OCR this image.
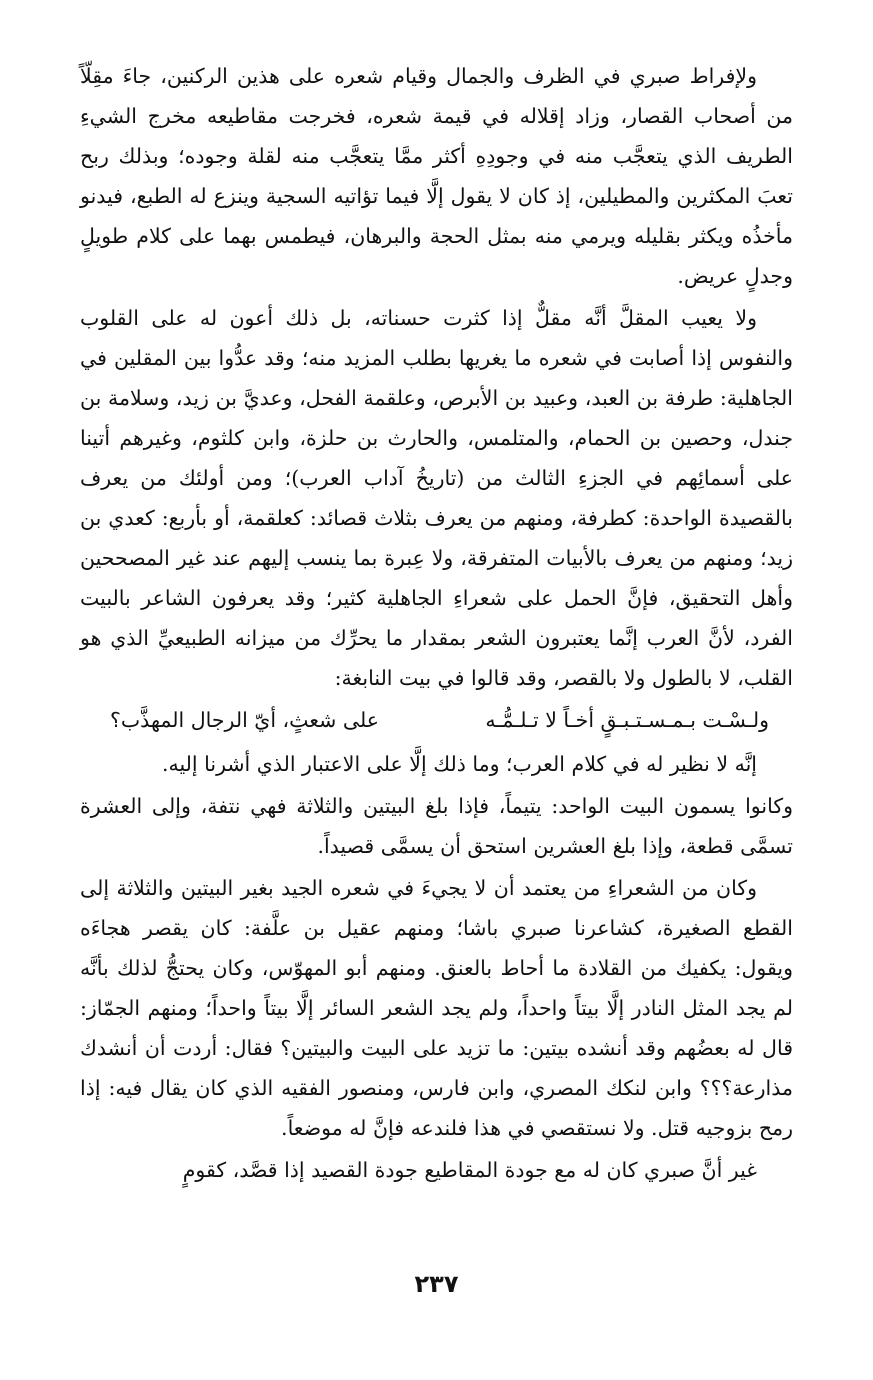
ولإفراط صبري في الظرف والجمال وقيام شعره على هذين الركنين، جاءَ مقِلّاً من أصحاب القصار، وزاد إقلاله في قيمة شعره، فخرجت مقاطيعه مخرج الشيءِ الطريف الذي يتعجَّب منه في وجودِهِ أكثر ممَّا يتعجَّب منه لقلة وجوده؛ وبذلك ربح تعبَ المكثرين والمطيلين، إذ كان لا يقول إلَّا فيما تؤاتيه السجية وينزع له الطبع، فيدنو مأخذُه ويكثر بقليله ويرمي منه بمثل الحجة والبرهان، فيطمس بهما على كلام طويلٍ وجدلٍ عريض.

ولا يعيب المقلَّ أنَّه مقلٌّ إذا كثرت حسناته، بل ذلك أعون له على القلوب والنفوس إذا أصابت في شعره ما يغريها بطلب المزيد منه؛ وقد عدُّوا بين المقلين في الجاهلية: طرفة بن العبد، وعبيد بن الأبرص، وعلقمة الفحل، وعديَّ بن زيد، وسلامة بن جندل، وحصين بن الحمام، والمتلمس، والحارث بن حلزة، وابن كلثوم، وغيرهم أتينا على أسمائِهم في الجزءِ الثالث من (تاريخُ آداب العرب)؛ ومن أولئك من يعرف بالقصيدة الواحدة: كطرفة، ومنهم من يعرف بثلاث قصائد: كعلقمة، أو بأربع: كعدي بن زيد؛ ومنهم من يعرف بالأبيات المتفرقة، ولا عِبرة بما ينسب إليهم عند غير المصححين وأهل التحقيق، فإنَّ الحمل على شعراءِ الجاهلية كثير؛ وقد يعرفون الشاعر بالبيت الفرد، لأنَّ العرب إنَّما يعتبرون الشعر بمقدار ما يحرِّك من ميزانه الطبيعيِّ الذي هو القلب، لا بالطول ولا بالقصر، وقد قالوا في بيت النابغة:

ولـسْـت بـمـسـتـبـقٍ أخـاً لا تـلـمُّـه
على شعثٍ، أيّ الرجال المهذَّب؟

إنَّه لا نظير له في كلام العرب؛ وما ذلك إلَّا على الاعتبار الذي أشرنا إليه.

وكانوا يسمون البيت الواحد: يتيماً، فإذا بلغ البيتين والثلاثة فهي نتفة، وإلى العشرة تسمَّى قطعة، وإذا بلغ العشرين استحق أن يسمَّى قصيداً.

وكان من الشعراءِ من يعتمد أن لا يجيءَ في شعره الجيد بغير البيتين والثلاثة إلى القطع الصغيرة، كشاعرنا صبري باشا؛ ومنهم عقيل بن علَّفة: كان يقصر هجاءَه ويقول: يكفيك من القلادة ما أحاط بالعنق. ومنهم أبو المهوّس، وكان يحتجُّ لذلك بأنَّه لم يجد المثل النادر إلَّا بيتاً واحداً، ولم يجد الشعر السائر إلَّا بيتاً واحداً؛ ومنهم الجمّاز: قال له بعضُهم وقد أنشده بيتين: ما تزيد على البيت والبيتين؟ فقال: أردت أن أنشدك مذارعة؟؟؟ وابن لنكك المصري، وابن فارس، ومنصور الفقيه الذي كان يقال فيه: إذا رمح بزوجيه قتل. ولا نستقصي في هذا فلندعه فإنَّ له موضعاً.

غير أنَّ صبري كان له مع جودة المقاطيع جودة القصيد إذا قصَّد، كقومٍ

٢٣٧
